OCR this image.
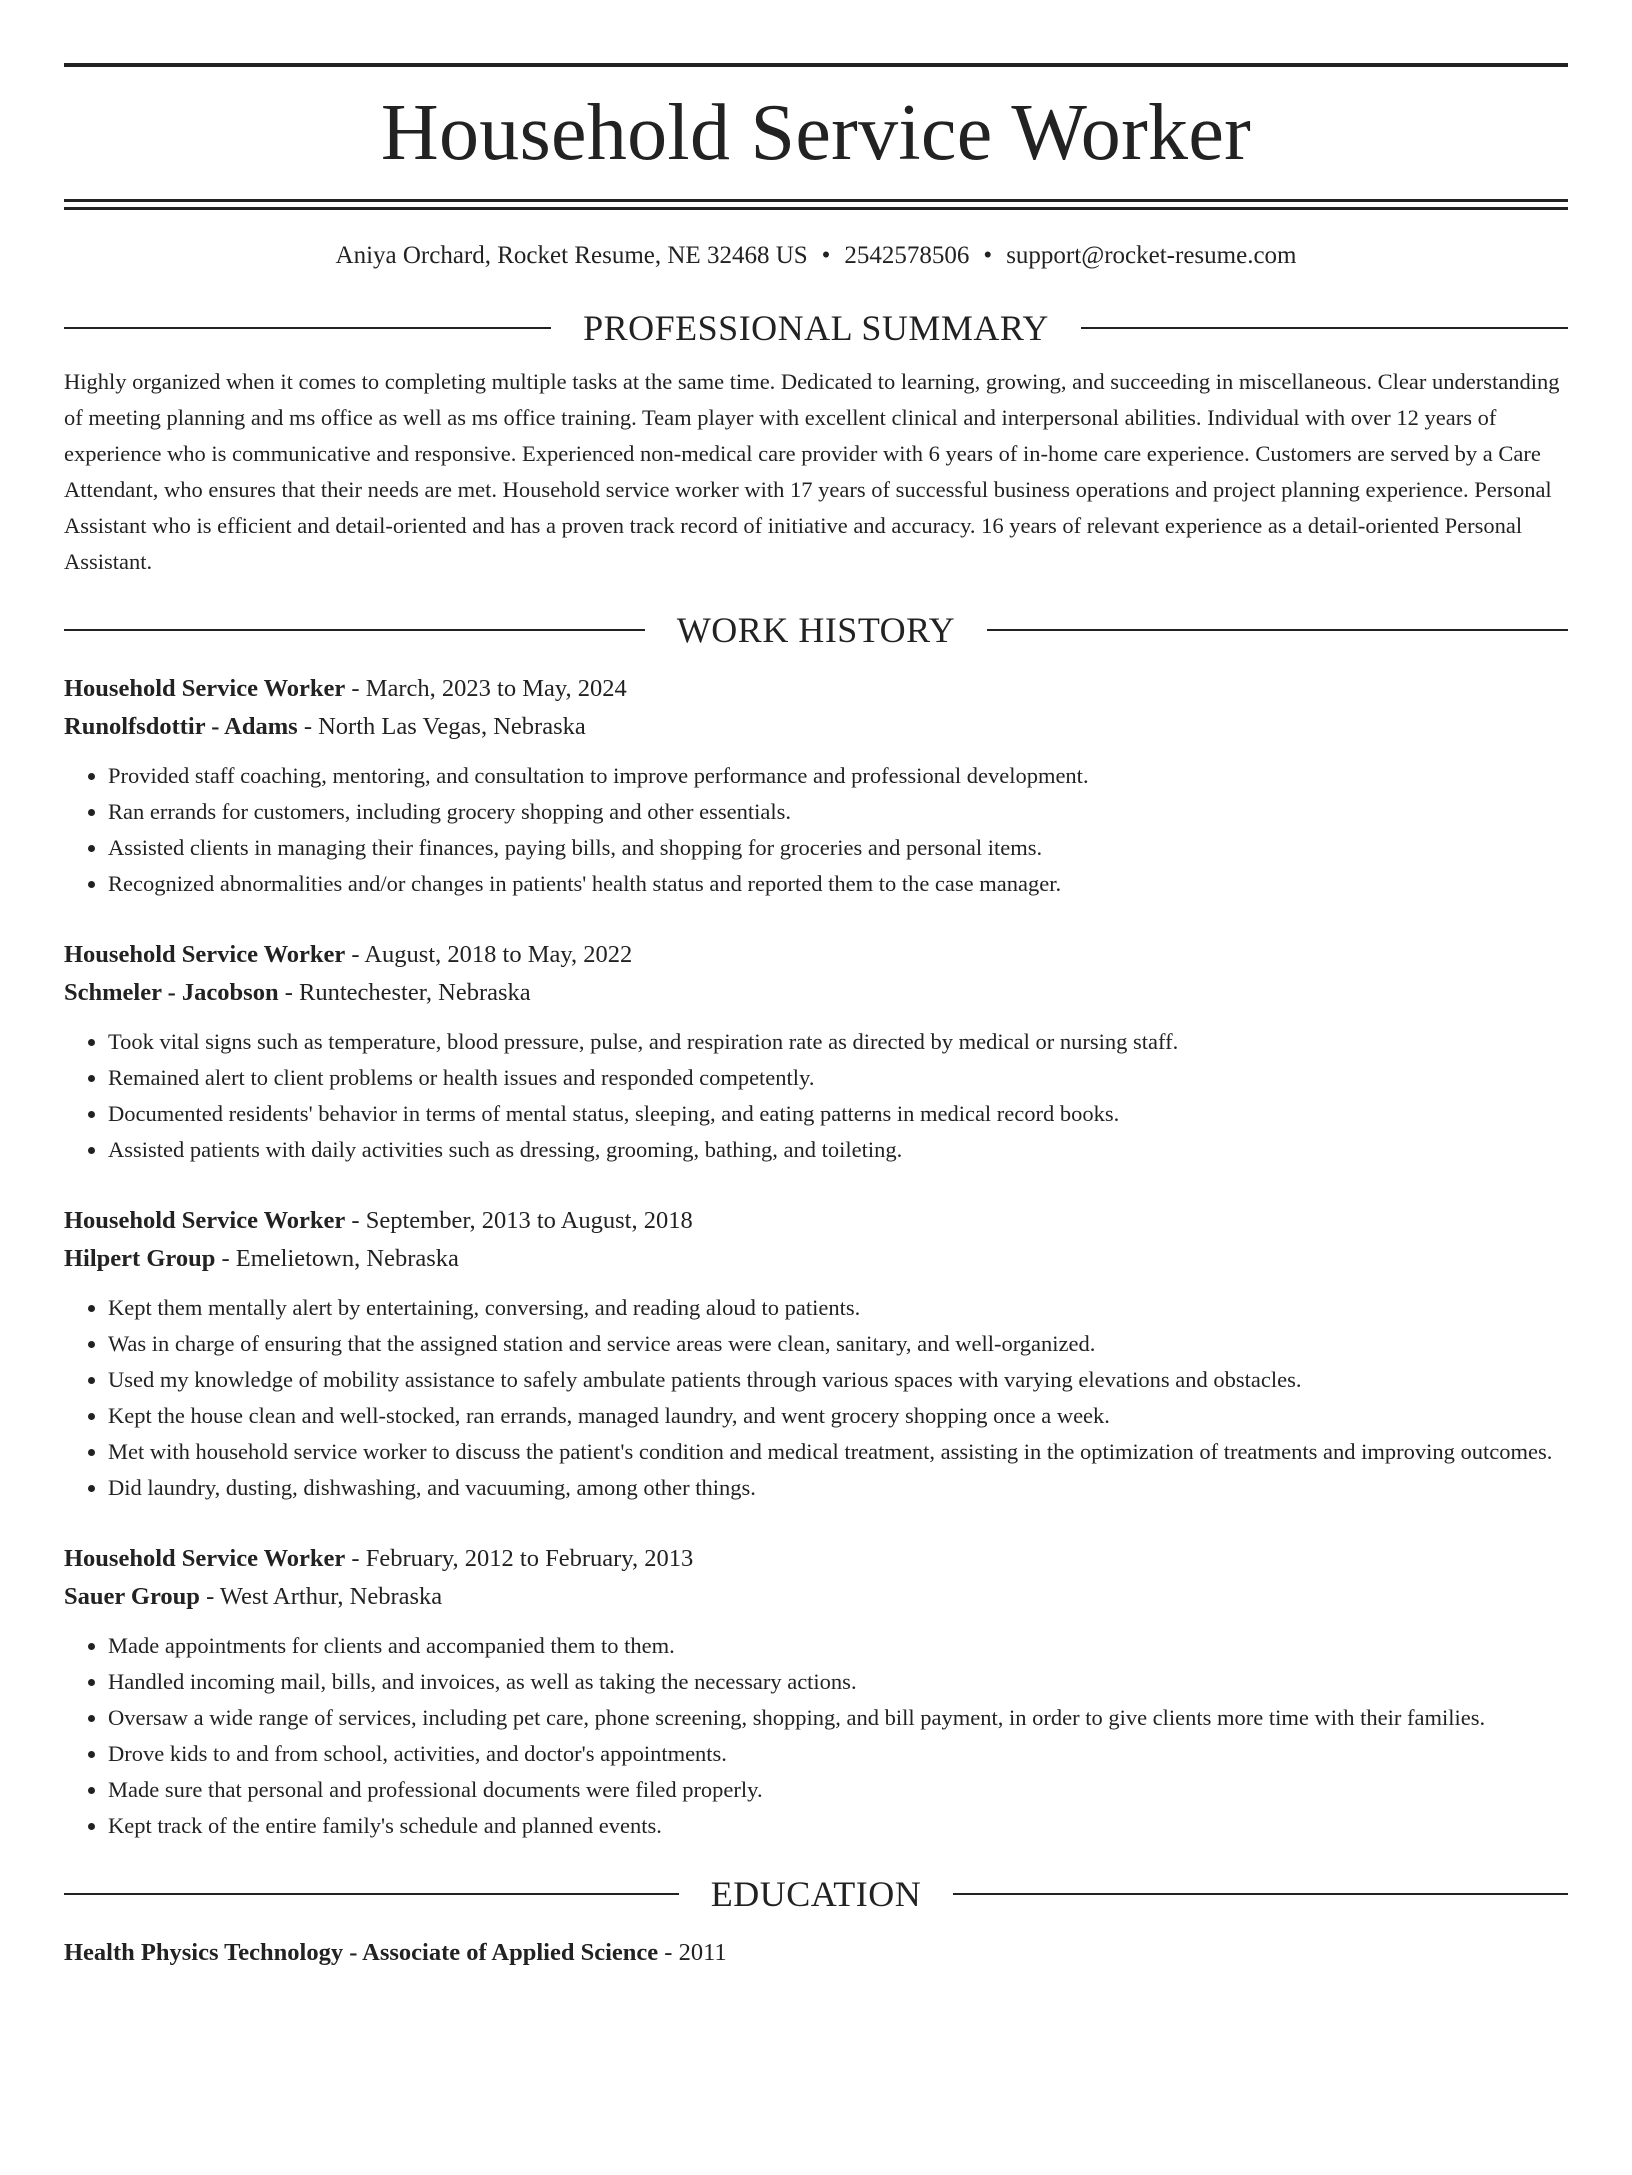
Household Service Worker
Aniya Orchard, Rocket Resume, NE 32468 US • 2542578506 • support@rocket-resume.com
PROFESSIONAL SUMMARY
Highly organized when it comes to completing multiple tasks at the same time. Dedicated to learning, growing, and succeeding in miscellaneous. Clear understanding of meeting planning and ms office as well as ms office training. Team player with excellent clinical and interpersonal abilities. Individual with over 12 years of experience who is communicative and responsive. Experienced non-medical care provider with 6 years of in-home care experience. Customers are served by a Care Attendant, who ensures that their needs are met. Household service worker with 17 years of successful business operations and project planning experience. Personal Assistant who is efficient and detail-oriented and has a proven track record of initiative and accuracy. 16 years of relevant experience as a detail-oriented Personal Assistant.
WORK HISTORY
Household Service Worker - March, 2023 to May, 2024
Runolfsdottir - Adams - North Las Vegas, Nebraska
• Provided staff coaching, mentoring, and consultation to improve performance and professional development.
• Ran errands for customers, including grocery shopping and other essentials.
• Assisted clients in managing their finances, paying bills, and shopping for groceries and personal items.
• Recognized abnormalities and/or changes in patients' health status and reported them to the case manager.
Household Service Worker - August, 2018 to May, 2022
Schmeler - Jacobson - Runtechester, Nebraska
• Took vital signs such as temperature, blood pressure, pulse, and respiration rate as directed by medical or nursing staff.
• Remained alert to client problems or health issues and responded competently.
• Documented residents' behavior in terms of mental status, sleeping, and eating patterns in medical record books.
• Assisted patients with daily activities such as dressing, grooming, bathing, and toileting.
Household Service Worker - September, 2013 to August, 2018
Hilpert Group - Emelietown, Nebraska
• Kept them mentally alert by entertaining, conversing, and reading aloud to patients.
• Was in charge of ensuring that the assigned station and service areas were clean, sanitary, and well-organized.
• Used my knowledge of mobility assistance to safely ambulate patients through various spaces with varying elevations and obstacles.
• Kept the house clean and well-stocked, ran errands, managed laundry, and went grocery shopping once a week.
• Met with household service worker to discuss the patient's condition and medical treatment, assisting in the optimization of treatments and improving outcomes.
• Did laundry, dusting, dishwashing, and vacuuming, among other things.
Household Service Worker - February, 2012 to February, 2013
Sauer Group - West Arthur, Nebraska
• Made appointments for clients and accompanied them to them.
• Handled incoming mail, bills, and invoices, as well as taking the necessary actions.
• Oversaw a wide range of services, including pet care, phone screening, shopping, and bill payment, in order to give clients more time with their families.
• Drove kids to and from school, activities, and doctor's appointments.
• Made sure that personal and professional documents were filed properly.
• Kept track of the entire family's schedule and planned events.
EDUCATION
Health Physics Technology - Associate of Applied Science - 2011
